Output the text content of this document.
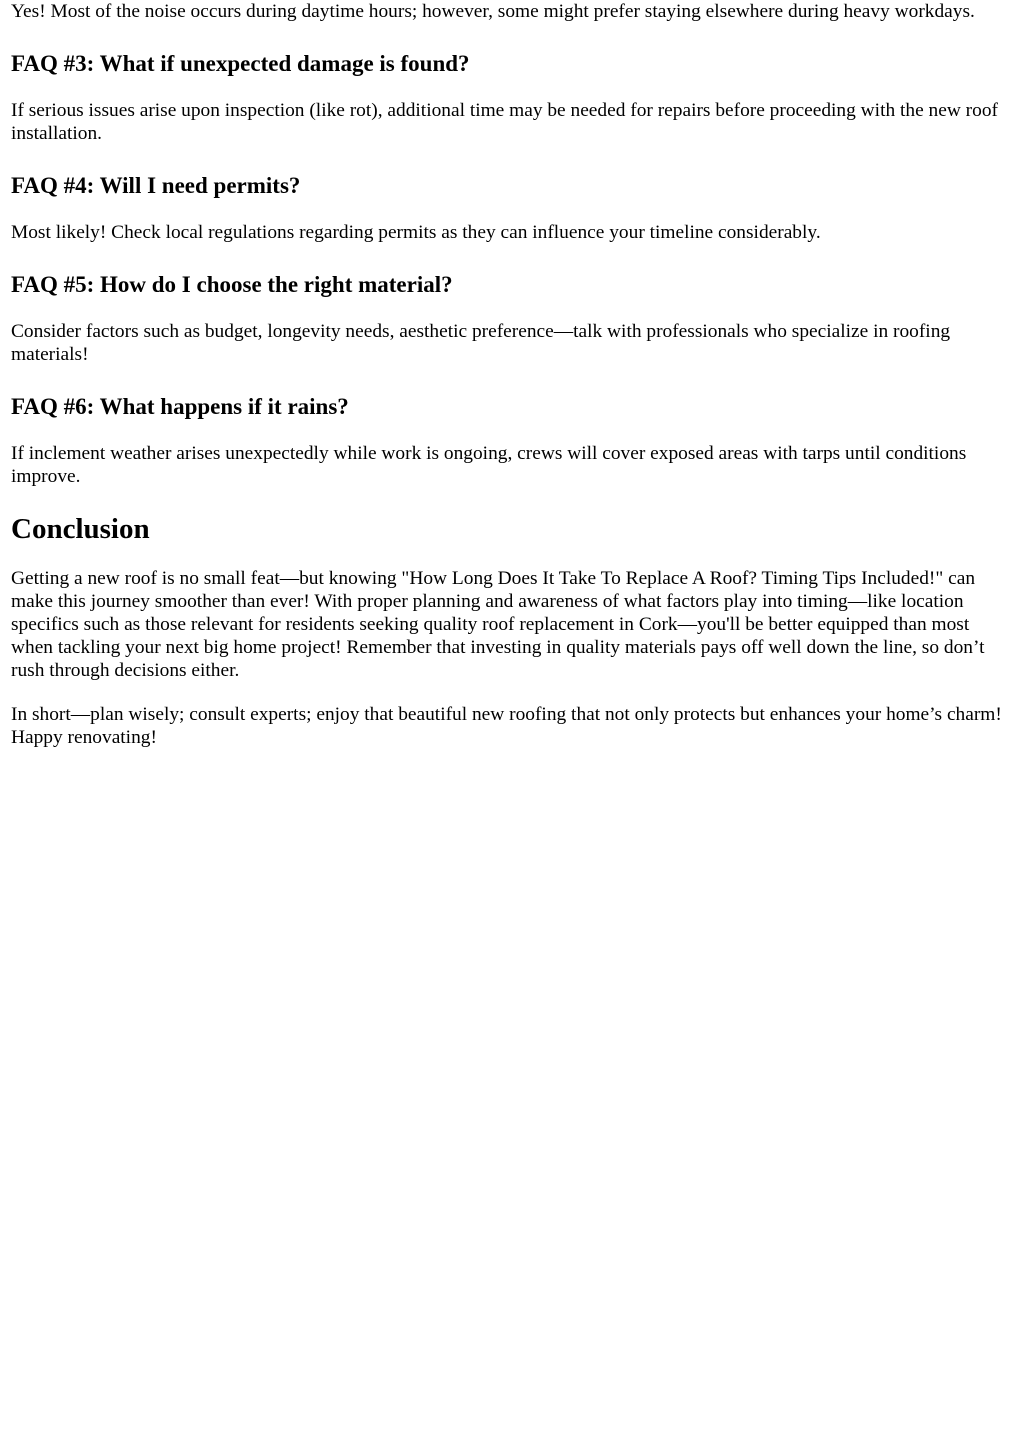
Yes! Most of the noise occurs during daytime hours; however, some might prefer staying elsewhere during heavy workdays.

FAQ #3: What if unexpected damage is found?

If serious issues arise upon inspection (like rot), additional time may be needed for repairs before proceeding with the new roof installation.

FAQ #4: Will I need permits?

Most likely! Check local regulations regarding permits as they can influence your timeline considerably.

FAQ #5: How do I choose the right material?

Consider factors such as budget, longevity needs, aesthetic preference—talk with professionals who specialize in roofing materials!

FAQ #6: What happens if it rains?

If inclement weather arises unexpectedly while work is ongoing, crews will cover exposed areas with tarps until conditions improve.

Conclusion

Getting a new roof is no small feat—but knowing "How Long Does It Take To Replace A Roof? Timing Tips Included!" can make this journey smoother than ever! With proper planning and awareness of what factors play into timing—like location specifics such as those relevant for residents seeking quality roof replacement in Cork—you'll be better equipped than most when tackling your next big home project! Remember that investing in quality materials pays off well down the line, so don’t rush through decisions either.

In short—plan wisely; consult experts; enjoy that beautiful new roofing that not only protects but enhances your home’s charm! Happy renovating!
